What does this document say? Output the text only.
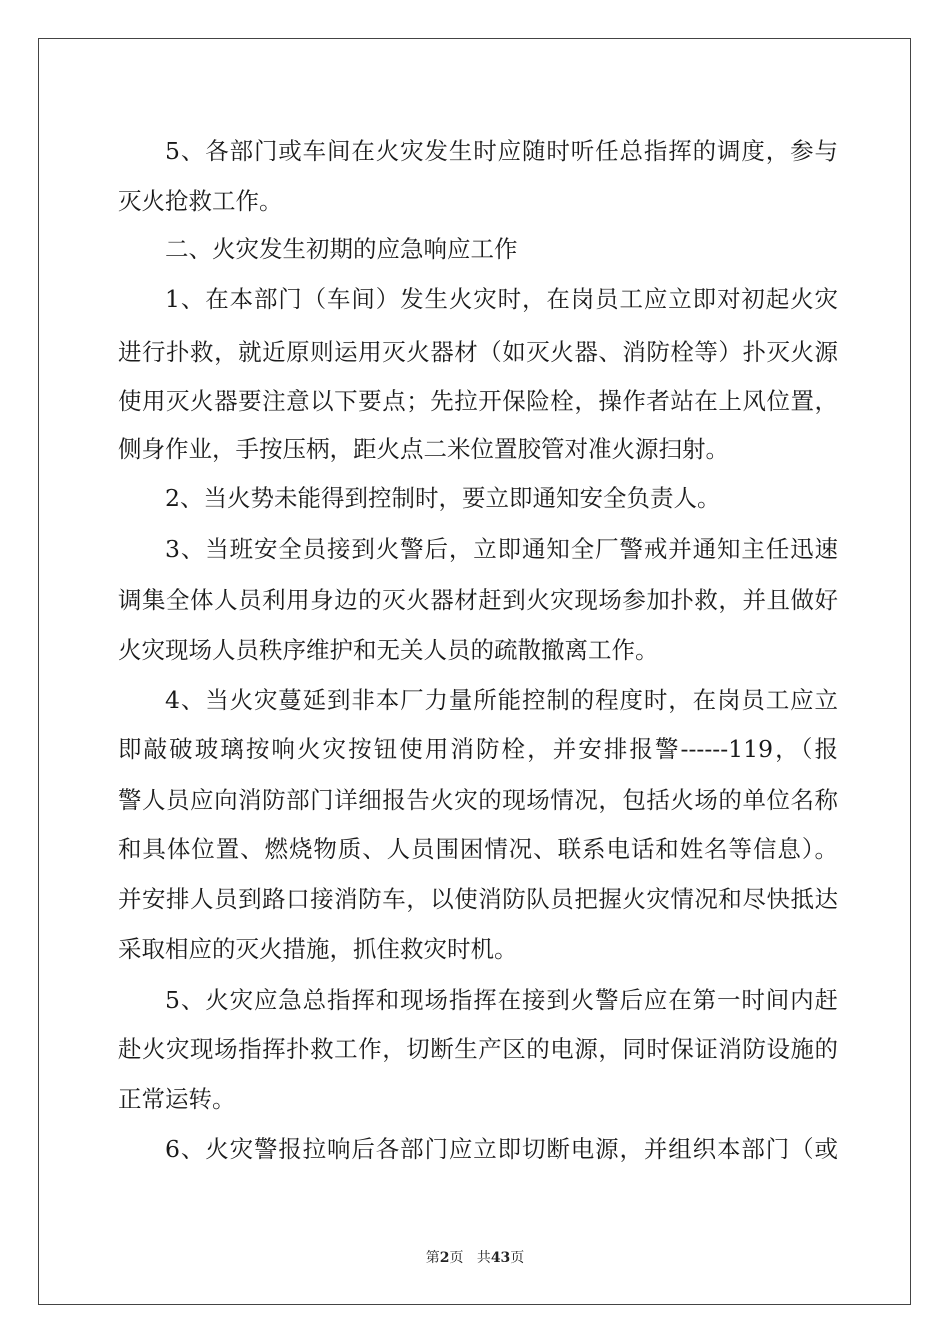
5、各部门或车间在火灾发生时应随时听任总指挥的调度，参与
灭火抢救工作。
二、火灾发生初期的应急响应工作
1、在本部门（车间）发生火灾时，在岗员工应立即对初起火灾
进行扑救，就近原则运用灭火器材（如灭火器、消防栓等）扑灭火源
使用灭火器要注意以下要点；先拉开保险栓，操作者站在上风位置，
侧身作业，手按压柄，距火点二米位置胶管对准火源扫射。
2、当火势未能得到控制时，要立即通知安全负责人。
3、当班安全员接到火警后，立即通知全厂警戒并通知主任迅速
调集全体人员利用身边的灭火器材赶到火灾现场参加扑救，并且做好
火灾现场人员秩序维护和无关人员的疏散撤离工作。
4、当火灾蔓延到非本厂力量所能控制的程度时，在岗员工应立
即敲破玻璃按响火灾按钮使用消防栓，并安排报警------119，（报
警人员应向消防部门详细报告火灾的现场情况，包括火场的单位名称
和具体位置、燃烧物质、人员围困情况、联系电话和姓名等信息）。
并安排人员到路口接消防车，以使消防队员把握火灾情况和尽快抵达
采取相应的灭火措施，抓住救灾时机。
5、火灾应急总指挥和现场指挥在接到火警后应在第一时间内赶
赴火灾现场指挥扑救工作，切断生产区的电源，同时保证消防设施的
正常运转。
6、火灾警报拉响后各部门应立即切断电源，并组织本部门（或
第2页 共43页
